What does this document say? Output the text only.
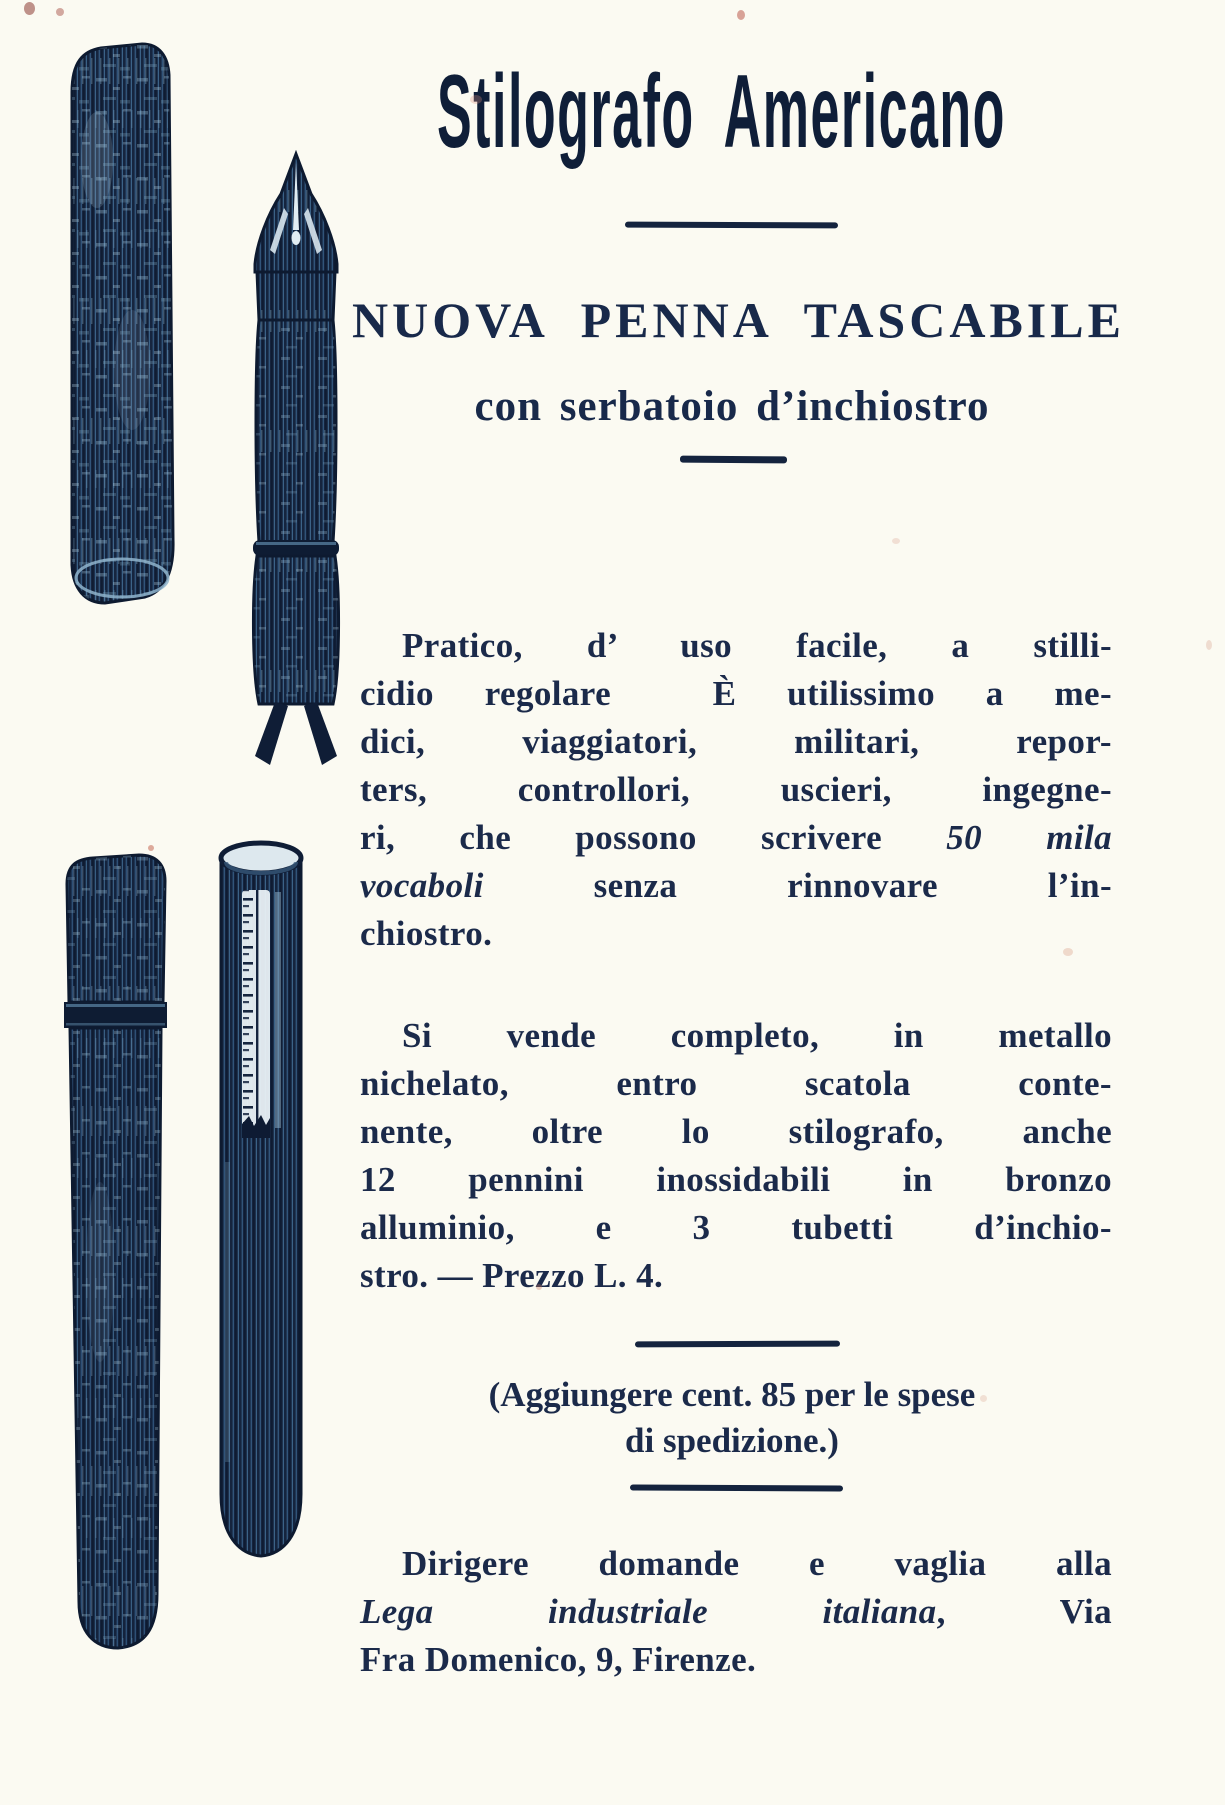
Stilografo Americano
NUOVA PENNA TASCABILE
con serbatoio d’inchiostro
Pratico, d’ uso facile, a stilli-
cidio regolare  È utilissimo a me-
dici, viaggiatori, militari, repor-
ters, controllori, uscieri, ingegne-
ri, che possono scrivere 50 mila
vocaboli senza rinnovare l’in-
chiostro.
Si vende completo, in metallo
nichelato, entro scatola conte-
nente, oltre lo stilografo, anche
12 pennini inossidabili in bronzo
alluminio, e 3 tubetti d’inchio-
stro. — Prezzo L. 4.
(Aggiungere cent. 85 per le spese
di spedizione.)
Dirigere domande e vaglia alla
Lega industriale italiana, Via
Fra Domenico, 9, Firenze.
